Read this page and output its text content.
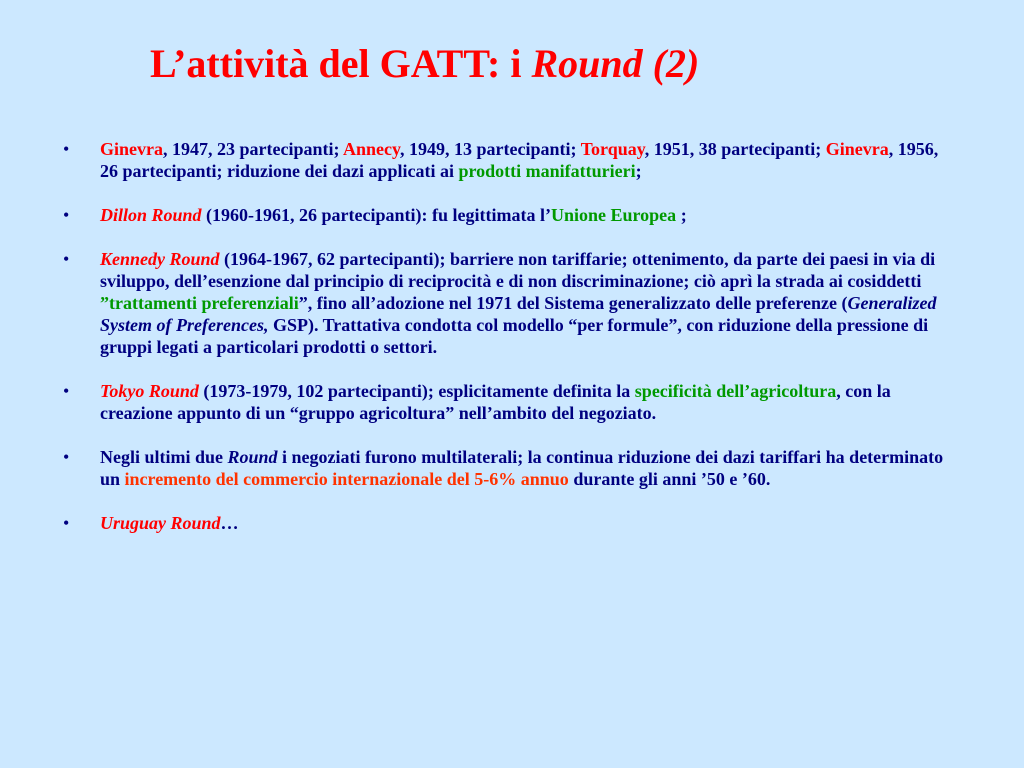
L’attività del GATT: i Round (2)
• Ginevra, 1947, 23 partecipanti; Annecy, 1949, 13 partecipanti; Torquay, 1951, 38 partecipanti; Ginevra, 1956, 26 partecipanti; riduzione dei dazi applicati ai prodotti manifatturieri;
• Dillon Round (1960-1961, 26 partecipanti): fu legittimata l’Unione Europea ;
• Kennedy Round (1964-1967, 62 partecipanti); barriere non tariffarie; ottenimento, da parte dei paesi in via di sviluppo, dell’esenzione dal principio di reciprocità e di non discriminazione; ciò aprì la strada ai cosiddetti ”trattamenti preferenziali”, fino all’adozione nel 1971 del Sistema generalizzato delle preferenze (Generalized System of Preferences, GSP). Trattativa condotta col modello “per formule”, con riduzione della pressione di gruppi legati a particolari prodotti o settori.
• Tokyo Round (1973-1979, 102 partecipanti); esplicitamente definita la specificità dell’agricoltura, con la creazione appunto di un “gruppo agricoltura” nell’ambito del negoziato.
• Negli ultimi due Round i negoziati furono multilaterali; la continua riduzione dei dazi tariffari ha determinato un incremento del commercio internazionale del 5-6% annuo durante gli anni ’50 e ’60.
• Uruguay Round…
